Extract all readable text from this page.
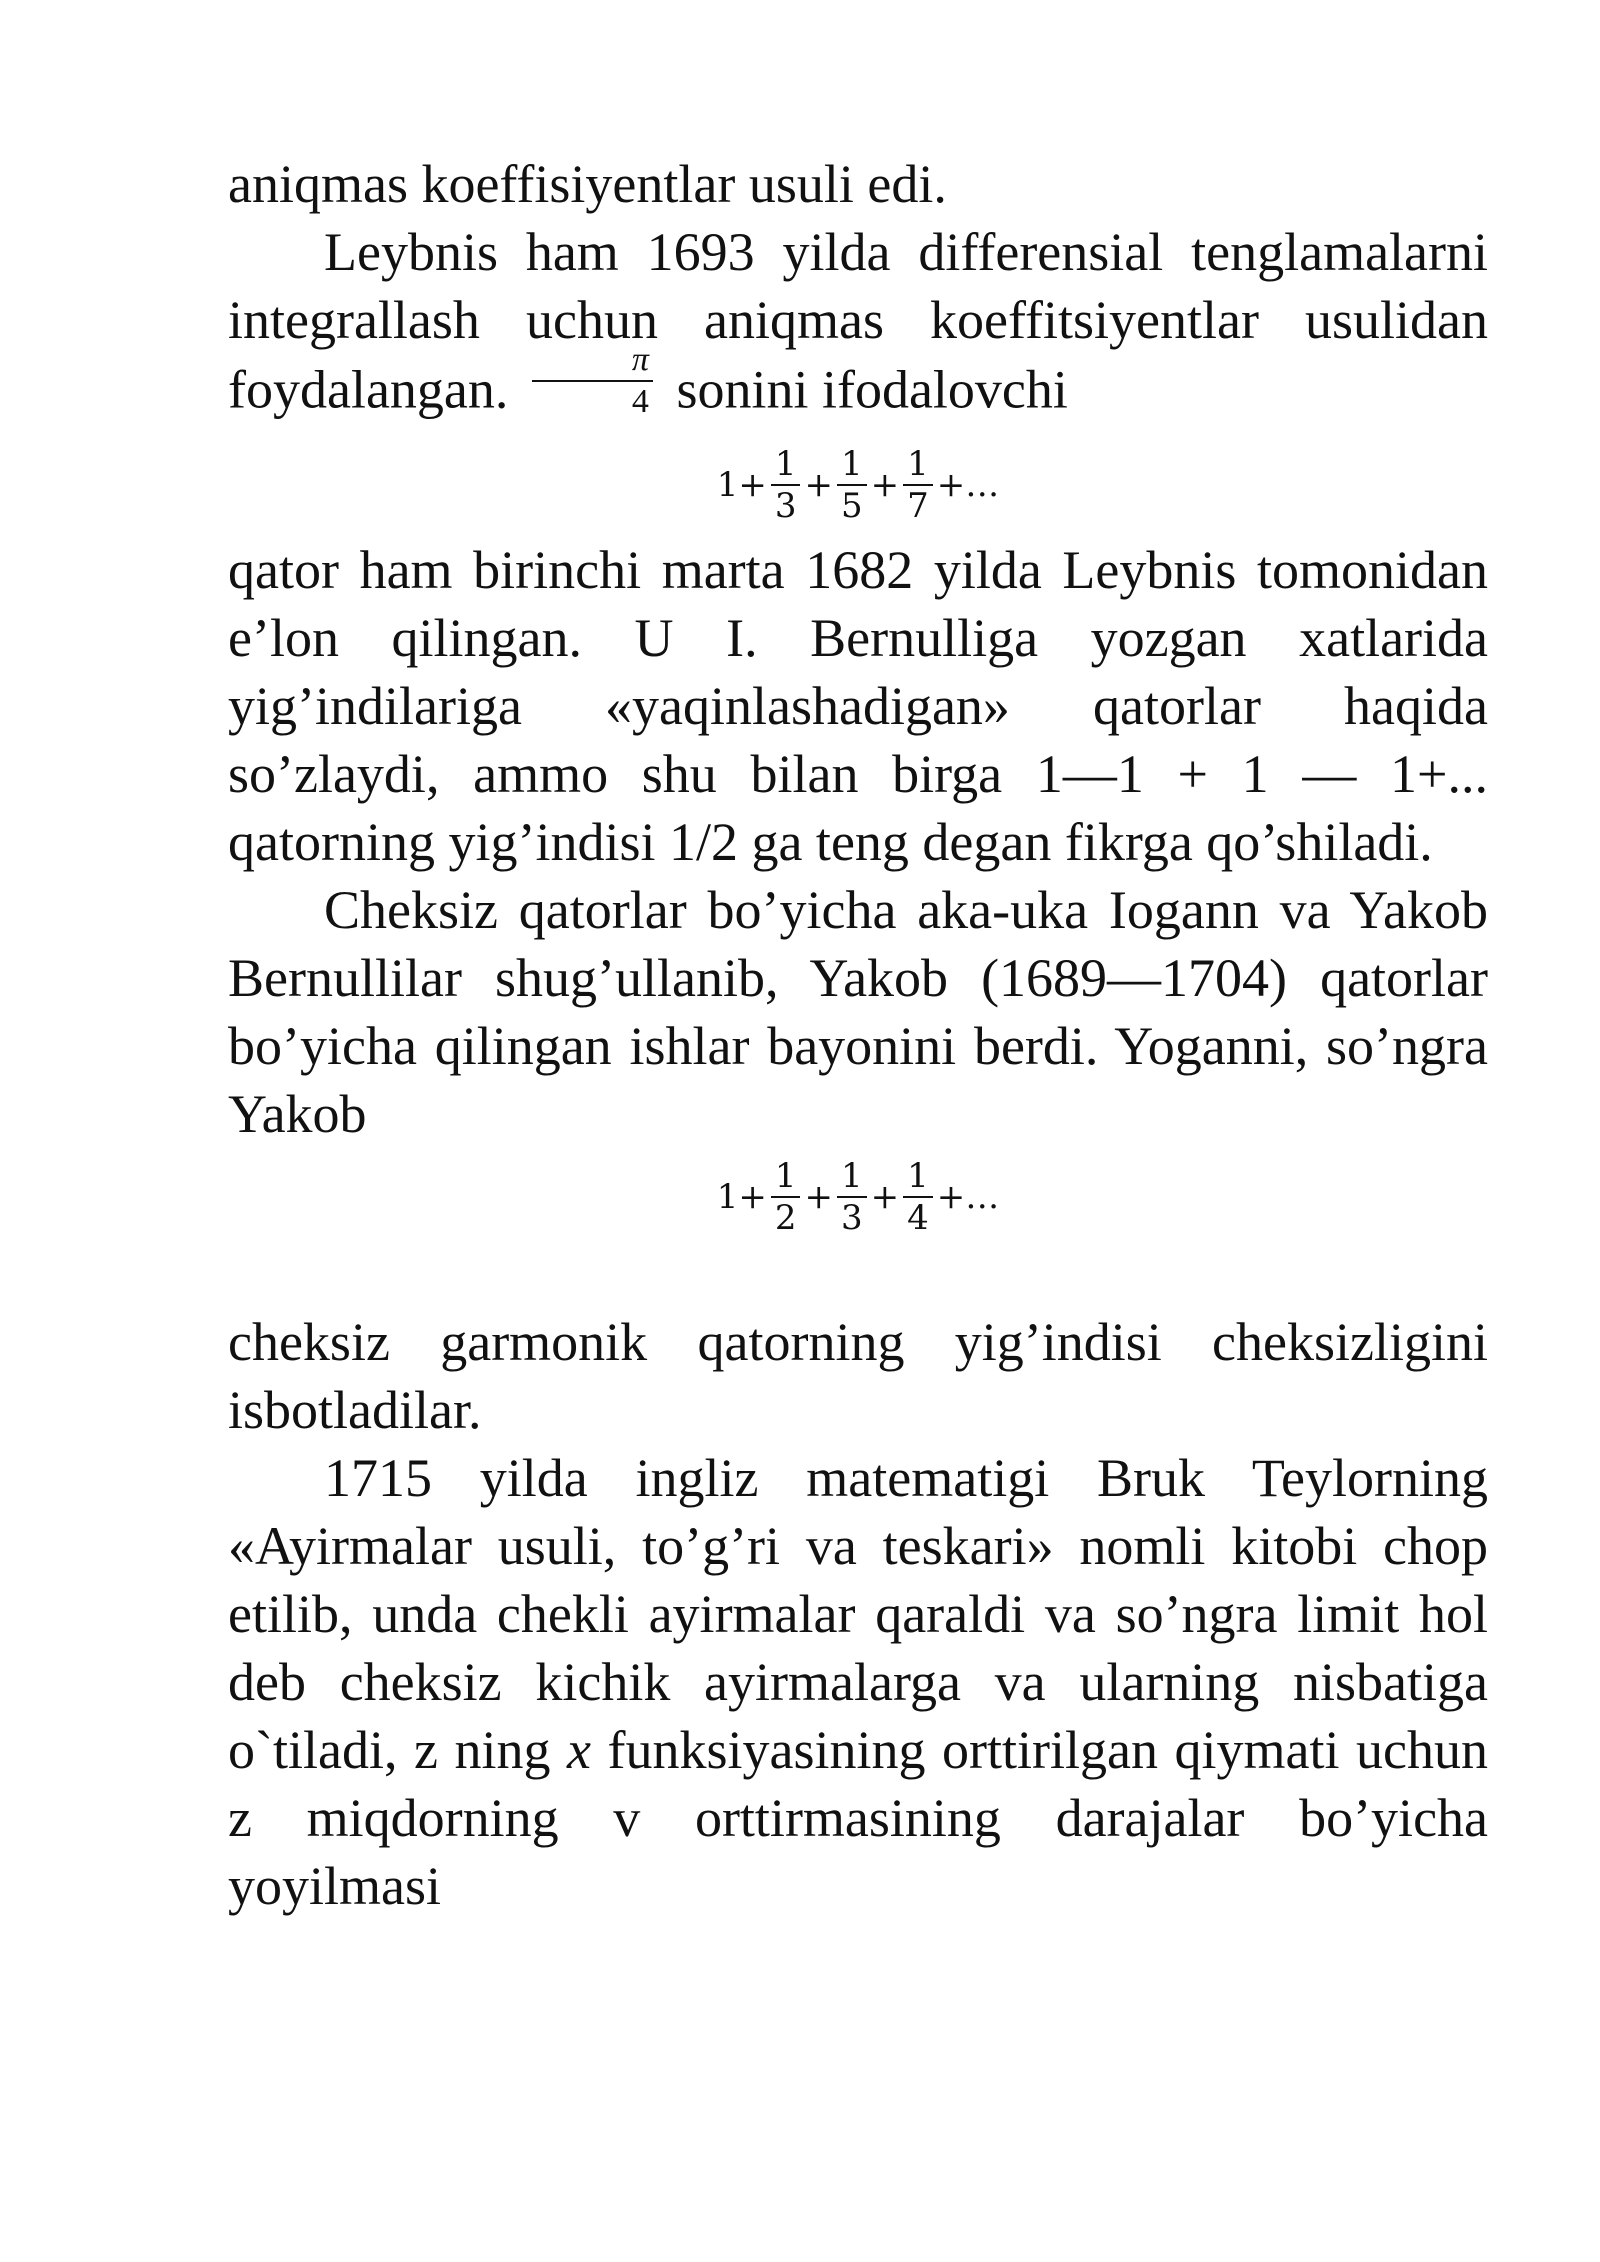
aniqmas koeffisiyentlar usuli edi.

Leybnis ham 1693 yilda differensial tenglamalarni integrallash uchun aniqmas koeffitsiyentlar usulidan foydalangan. $\frac{\pi}{4}$ sonini ifodalovchi

$1+ \frac{1}{3} + \frac{1}{5} + \frac{1}{7}$ +…

qator ham birinchi marta 1682 yilda Leybnis tomonidan e’lon qilingan. U I. Bernulliga yozgan xatlarida yig’indilariga «yaqinlashadigan» qatorlar haqida so’zlaydi, ammo shu bilan birga 1—1 + 1 — 1+... qatorning yig’indisi 1/2 ga teng degan fikrga qo’shiladi.

Cheksiz qatorlar bo’yicha aka-uka Iogann va Yakob Bernullilar shug’ullanib, Yakob (1689—1704) qatorlar bo’yicha qilingan ishlar bayonini berdi. Yoganni, so’ngra Yakob

$1+ \frac{1}{2} + \frac{1}{3} + \frac{1}{4}$ +…

cheksiz garmonik qatorning yig’indisi cheksizligini isbotladilar.

1715 yilda ingliz matematigi Bruk Teylorning «Ayirmalar usuli, to’g’ri va teskari» nomli kitobi chop etilib, unda chekli ayirmalar qaraldi va so’ngra limit hol deb cheksiz kichik ayirmalarga va ularning nisbatiga o`tiladi, z ning x funksiyasining orttirilgan qiymati uchun z miqdorning v orttirmasining darajalar bo’yicha yoyilmasi
